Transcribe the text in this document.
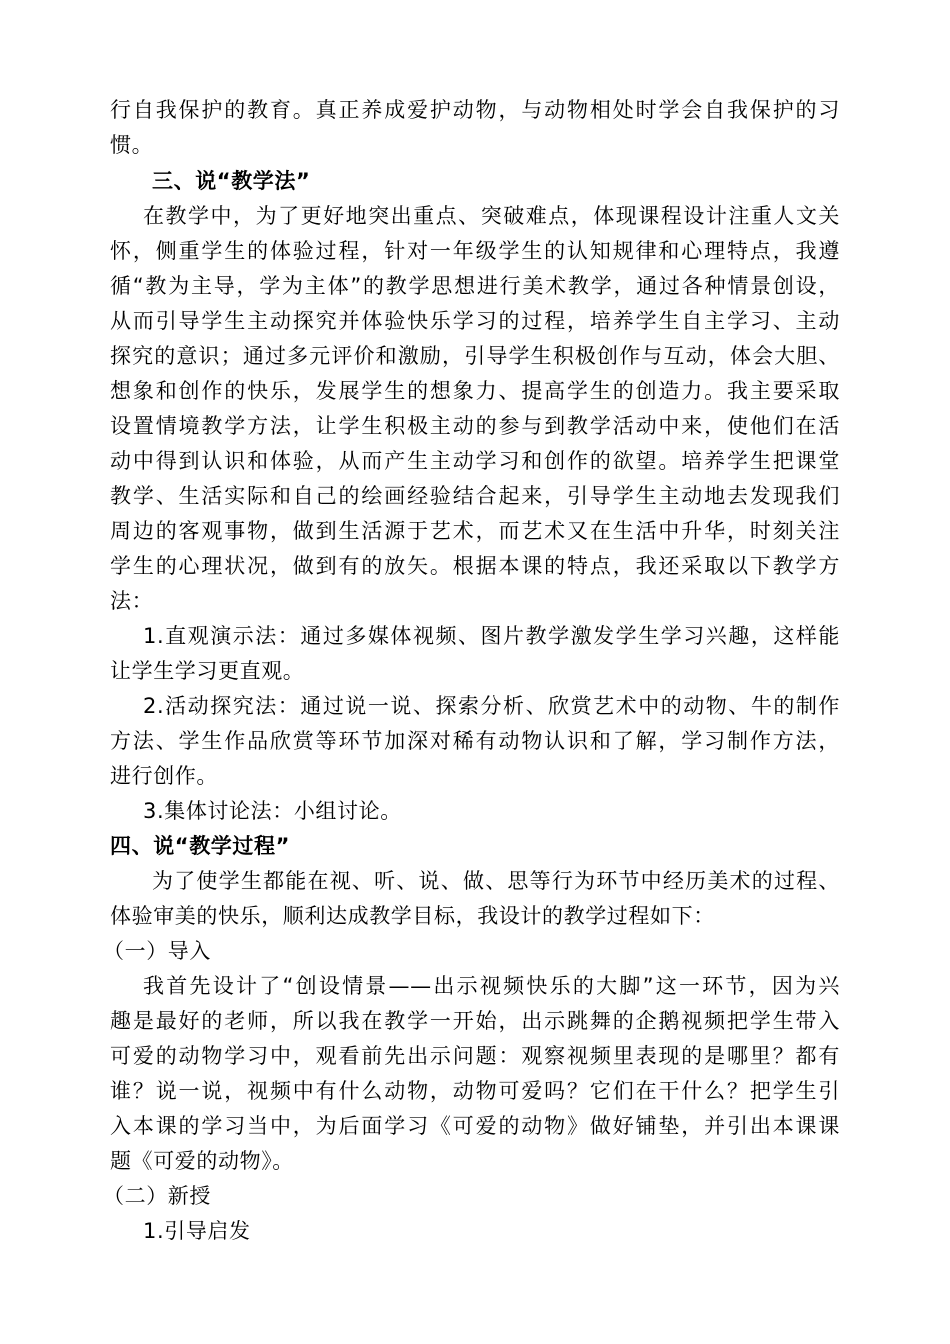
行自我保护的教育。真正养成爱护动物，与动物相处时学会自我保护的习
惯。
三、说“教学法”
在教学中，为了更好地突出重点、突破难点，体现课程设计注重人文关
怀，侧重学生的体验过程，针对一年级学生的认知规律和心理特点，我遵
循“教为主导，学为主体”的教学思想进行美术教学，通过各种情景创设，
从而引导学生主动探究并体验快乐学习的过程，培养学生自主学习、主动
探究的意识；通过多元评价和激励，引导学生积极创作与互动，体会大胆、
想象和创作的快乐，发展学生的想象力、提高学生的创造力。我主要采取
设置情境教学方法，让学生积极主动的参与到教学活动中来，使他们在活
动中得到认识和体验，从而产生主动学习和创作的欲望。培养学生把课堂
教学、生活实际和自己的绘画经验结合起来，引导学生主动地去发现我们
周边的客观事物，做到生活源于艺术，而艺术又在生活中升华，时刻关注
学生的心理状况，做到有的放矢。根据本课的特点，我还采取以下教学方
法：
1.直观演示法：通过多媒体视频、图片教学激发学生学习兴趣，这样能
让学生学习更直观。
2.活动探究法：通过说一说、探索分析、欣赏艺术中的动物、牛的制作
方法、学生作品欣赏等环节加深对稀有动物认识和了解，学习制作方法，
进行创作。
3.集体讨论法：小组讨论。
四、说“教学过程”
为了使学生都能在视、听、说、做、思等行为环节中经历美术的过程、
体验审美的快乐，顺利达成教学目标，我设计的教学过程如下：
（一）导入
我首先设计了“创设情景——出示视频快乐的大脚”这一环节，因为兴
趣是最好的老师，所以我在教学一开始，出示跳舞的企鹅视频把学生带入
可爱的动物学习中，观看前先出示问题：观察视频里表现的是哪里？都有
谁？说一说，视频中有什么动物，动物可爱吗？它们在干什么？把学生引
入本课的学习当中，为后面学习《可爱的动物》做好铺垫，并引出本课课
题《可爱的动物》。
（二）新授
1.引导启发
